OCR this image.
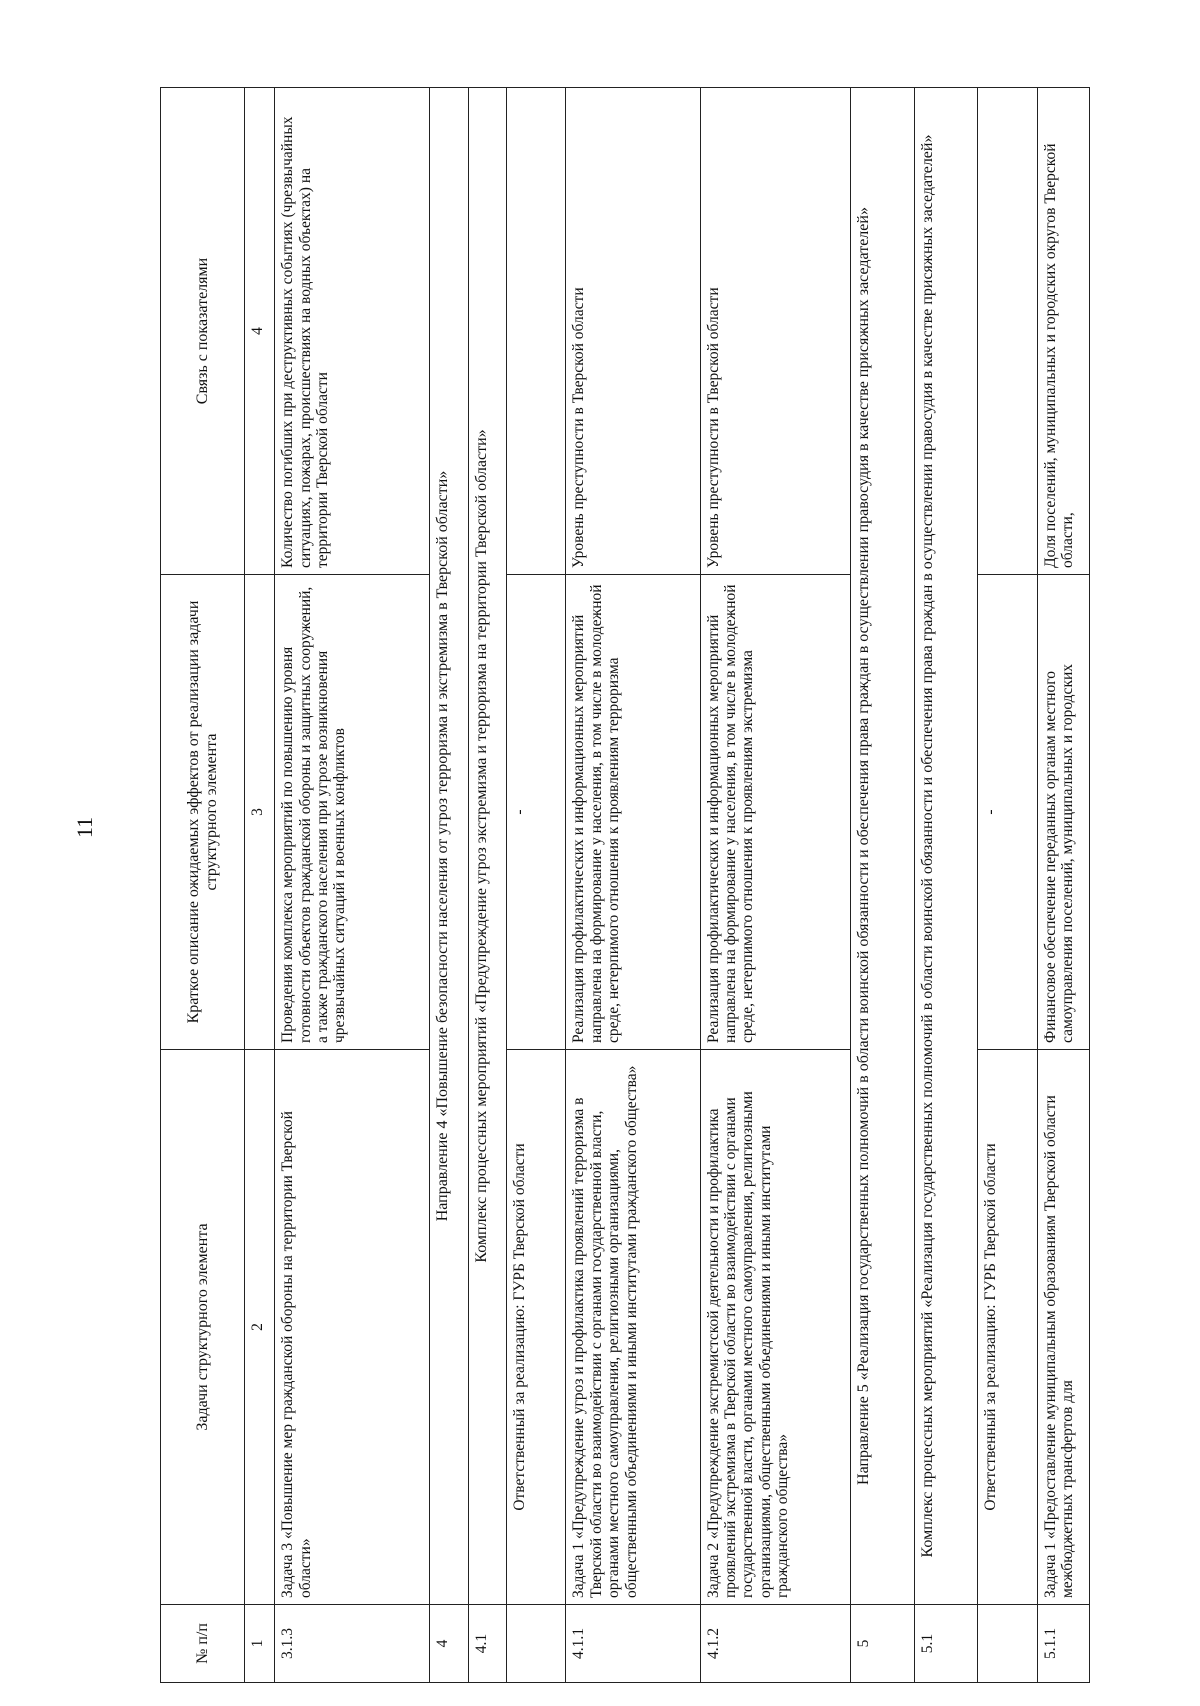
11
№ п/п	Задачи структурного элемента	Краткое описание ожидаемых эффектов от реализации задачи структурного элемента	Связь с показателями
1	2	3	4
3.1.3	Задача 3 «Повышение мер гражданской обороны на территории Тверской области»	Проведения комплекса мероприятий по повышению уровня готовности объектов гражданской обороны и защитных сооружений, а также гражданского населения при угрозе возникновения чрезвычайных ситуаций и военных конфликтов	Количество погибших при деструктивных событиях (чрезвычайных ситуациях, пожарах, происшествиях на водных объектах) на территории Тверской области
4	Направление 4 «Повышение безопасности населения от угроз терроризма и экстремизма в Тверской области»		
4.1	Комплекс процессных мероприятий «Предупреждение угроз экстремизма и терроризма на территории Тверской области»		
	Ответственный за реализацию: ГУРБ Тверской области	-	
4.1.1	Задача 1 «Предупреждение угроз и профилактика проявлений терроризма в Тверской области во взаимодействии с органами государственной власти, органами местного самоуправления, религиозными организациями, общественными объединениями и иными институтами гражданского общества»	Реализация профилактических и информационных мероприятий направлена на формирование у населения, в том числе в молодежной среде, нетерпимого отношения к проявлениям терроризма	Уровень преступности в Тверской области
4.1.2	Задача 2 «Предупреждение экстремистской деятельности и профилактика проявлений экстремизма в Тверской области во взаимодействии с органами государственной власти, органами местного самоуправления, религиозными организациями, общественными объединениями и иными институтами гражданского общества»	Реализация профилактических и информационных мероприятий направлена на формирование у населения, в том числе в молодежной среде, нетерпимого отношения к проявлениям экстремизма	Уровень преступности в Тверской области
5	Направление 5 «Реализация государственных полномочий в области воинской обязанности и обеспечения права граждан в осуществлении правосудия в качестве присяжных заседателей»		
5.1	Комплекс процессных мероприятий «Реализация государственных полномочий в области воинской обязанности и обеспечения права граждан в осуществлении правосудия в качестве присяжных заседателей»		
	Ответственный за реализацию: ГУРБ Тверской области	-	
5.1.1	Задача 1 «Предоставление муниципальным образованиям Тверской области межбюджетных трансфертов для	Финансовое обеспечение переданных органам местного самоуправления поселений, муниципальных и городских	Доля поселений, муниципальных и городских округов Тверской области,
